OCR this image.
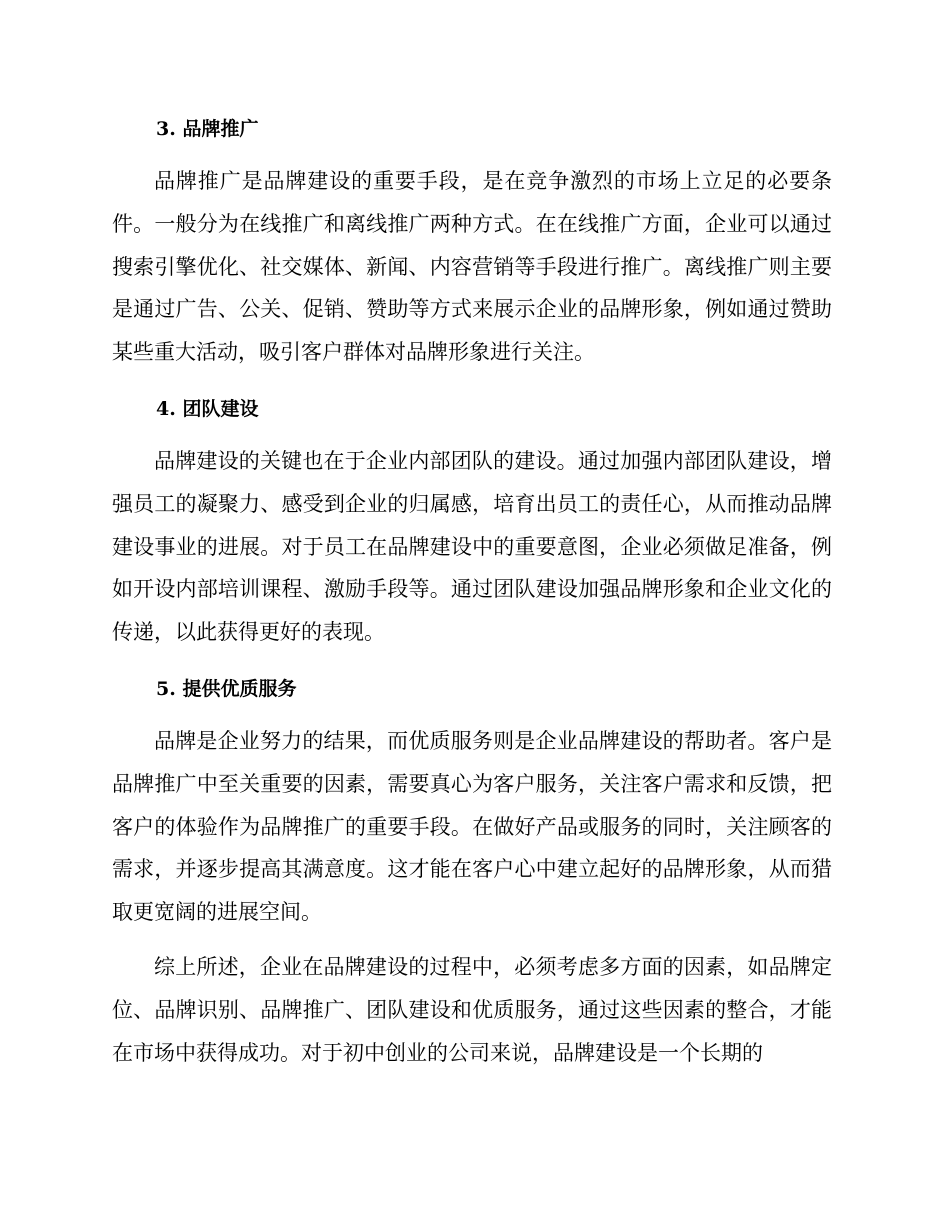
3. 品牌推广

品牌推广是品牌建设的重要手段，是在竞争激烈的市场上立足的必要条件。一般分为在线推广和离线推广两种方式。在在线推广方面，企业可以通过搜索引擎优化、社交媒体、新闻、内容营销等手段进行推广。离线推广则主要是通过广告、公关、促销、赞助等方式来展示企业的品牌形象，例如通过赞助某些重大活动，吸引客户群体对品牌形象进行关注。

4. 团队建设

品牌建设的关键也在于企业内部团队的建设。通过加强内部团队建设，增强员工的凝聚力、感受到企业的归属感，培育出员工的责任心，从而推动品牌建设事业的进展。对于员工在品牌建设中的重要意图，企业必须做足准备，例如开设内部培训课程、激励手段等。通过团队建设加强品牌形象和企业文化的传递，以此获得更好的表现。

5. 提供优质服务

品牌是企业努力的结果，而优质服务则是企业品牌建设的帮助者。客户是品牌推广中至关重要的因素，需要真心为客户服务，关注客户需求和反馈，把客户的体验作为品牌推广的重要手段。在做好产品或服务的同时，关注顾客的需求，并逐步提高其满意度。这才能在客户心中建立起好的品牌形象，从而猎取更宽阔的进展空间。

综上所述，企业在品牌建设的过程中，必须考虑多方面的因素，如品牌定位、品牌识别、品牌推广、团队建设和优质服务，通过这些因素的整合，才能在市场中获得成功。对于初中创业的公司来说，品牌建设是一个长期的
